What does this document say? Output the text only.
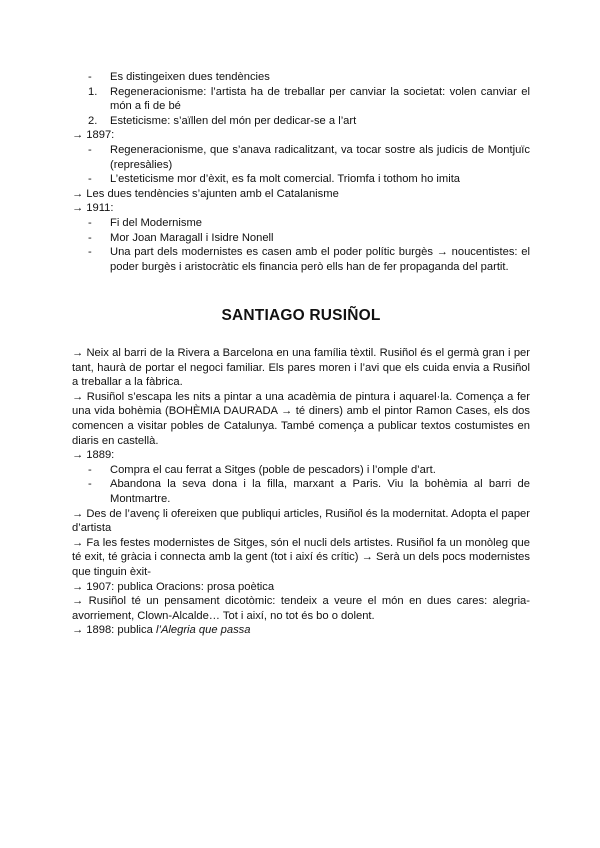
-	Es distingeixen dues tendències
1.	Regeneracionisme: l’artista ha de treballar per canviar la societat: volen canviar el món a fi de bé
2.	Esteticisme: s’aïllen del món per dedicar-se a l’art
→ 1897:
-	Regeneracionisme, que s’anava radicalitzant, va tocar sostre als judicis de Montjuïc (represàlies)
-	L’esteticisme mor d’èxit, es fa molt comercial. Triomfa i tothom ho imita
→ Les dues tendències s’ajunten amb el Catalanisme
→ 1911:
-	Fi del Modernisme
-	Mor Joan Maragall i Isidre Nonell
-	Una part dels modernistes es casen amb el poder polític burgès → noucentistes: el poder burgès i aristocràtic els financia però ells han de fer propaganda del partit.
SANTIAGO RUSIÑOL
→ Neix al barri de la Rivera a Barcelona en una família tèxtil. Rusiñol és el germà gran i per tant, haurà de portar el negoci familiar. Els pares moren i l’avi que els cuida envia a Rusiñol a treballar a la fàbrica.
→ Rusiñol s’escapa les nits a pintar a una acadèmia de pintura i aquarel·la. Comença a fer una vida bohèmia (BOHÈMIA DAURADA → té diners) amb el pintor Ramon Cases, els dos comencen a visitar pobles de Catalunya. També comença a publicar textos costumistes en diaris en castellà.
→ 1889:
-	Compra el cau ferrat a Sitges (poble de pescadors) i l’omple d’art.
-	Abandona la seva dona i la filla, marxant a Paris. Viu la bohèmia al barri de Montmartre.
→ Des de l’avenç li ofereixen que publiqui articles, Rusiñol és la modernitat. Adopta el paper d’artista
→ Fa les festes modernistes de Sitges, són el nucli dels artistes. Rusiñol fa un monòleg que té exit, té gràcia i connecta amb la gent (tot i així és crític) → Serà un dels pocs modernistes que tinguin èxit-
→ 1907: publica Oracions: prosa poètica
→ Rusiñol té un pensament dicotòmic: tendeix a veure el món en dues cares: alegria-avorriement, Clown-Alcalde… Tot i així, no tot és bo o dolent.
→ 1898: publica l’Alegria que passa
